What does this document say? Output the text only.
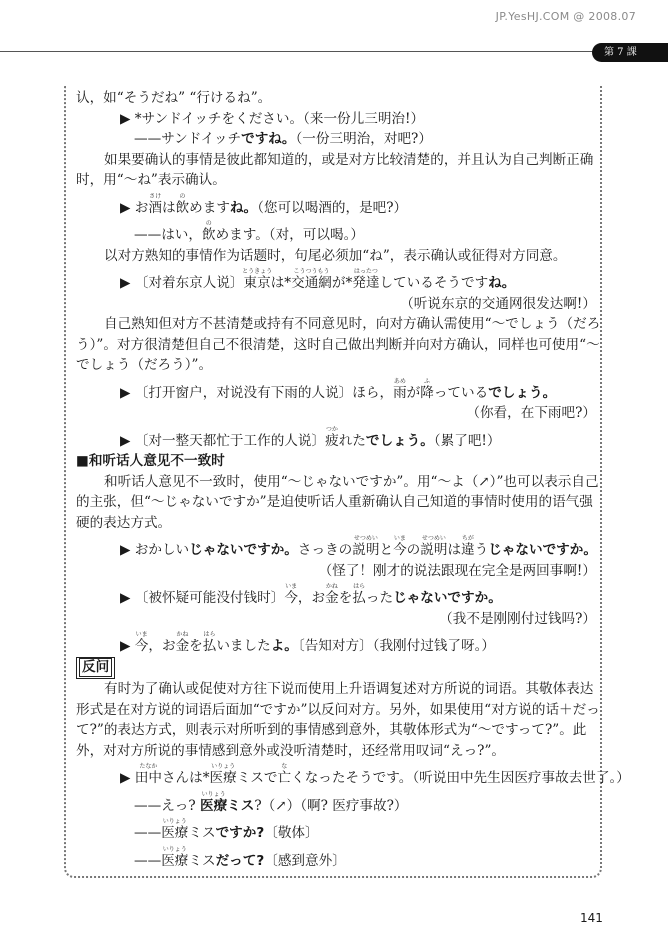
JP.YesHJ.COM @ 2008.07
第 7 課
认，如“そうだね” “行けるね”。
▶ *サンドイッチをください。（来一份儿三明治!）
——サンドイッチですね。（一份三明治，对吧?）
如果要确认的事情是彼此都知道的，或是对方比较清楚的，并且认为自己判断正确
时，用“～ね”表示确认。
▶ お酒
さけ
は飲
の
めますね。（您可以喝酒的，是吧?）
——はい，飲
の
めます。（对，可以喝。）
以对方熟知的事情作为话题时，句尾必须加“ね”，表示确认或征得对方同意。
▶ 〔对着东京人说〕東京
とうきょう
は*交通網
こうつうもう
が*発達
はったつ
しているそうですね。
（听说东京的交通网很发达啊!）
自己熟知但对方不甚清楚或持有不同意见时，向对方确认需使用“～でしょう（だろ
う）”。对方很清楚但自己不很清楚，这时自己做出判断并向对方确认，同样也可使用“～
でしょう（だろう）”。
▶ 〔打开窗户，对说没有下雨的人说〕ほら，雨
あめ
が降
ふ
っているでしょう。
（你看，在下雨吧?）
▶ 〔对一整天都忙于工作的人说〕疲
つか
れたでしょう。（累了吧!）
■和听话人意见不一致时
和听话人意见不一致时，使用“～じゃないですか”。用“～よ（↗）”也可以表示自己
的主张，但“～じゃないですか”是迫使听话人重新确认自己知道的事情时使用的语气强
硬的表达方式。
▶ おかしいじゃないですか。さっきの説明
せつめい
と今
いま
の説明
せつめい
は違
ちが
うじゃないですか。
（怪了！刚才的说法跟现在完全是两回事啊!）
▶ 〔被怀疑可能没付钱时〕今
いま
，お金
かね
を払
はら
ったじゃないですか。
（我不是刚刚付过钱吗?）
▶ 今
いま
，お金
かね
を払
はら
いましたよ。〔告知对方〕（我刚付过钱了呀。）
反问
有时为了确认或促使对方往下说而使用上升语调复述对方所说的词语。其敬体表达
形式是在对方说的词语后面加“ですか”以反问对方。另外，如果使用“对方说的话＋だっ
て?”的表达方式，则表示对所听到的事情感到意外，其敬体形式为“～ですって?”。此
外，对对方所说的事情感到意外或没听清楚时，还经常用叹词“えっ?”。
▶ 田中
たなか
さんは*医療
いりょう
ミスで亡
な
くなったそうです。（听说田中先生因医疗事故去世了。）
——えっ? 医療
いりょう
ミス?（↗）（啊? 医疗事故?）
——医療
いりょう
ミスですか?〔敬体〕
——医療
いりょう
ミスだって?〔感到意外〕
141
